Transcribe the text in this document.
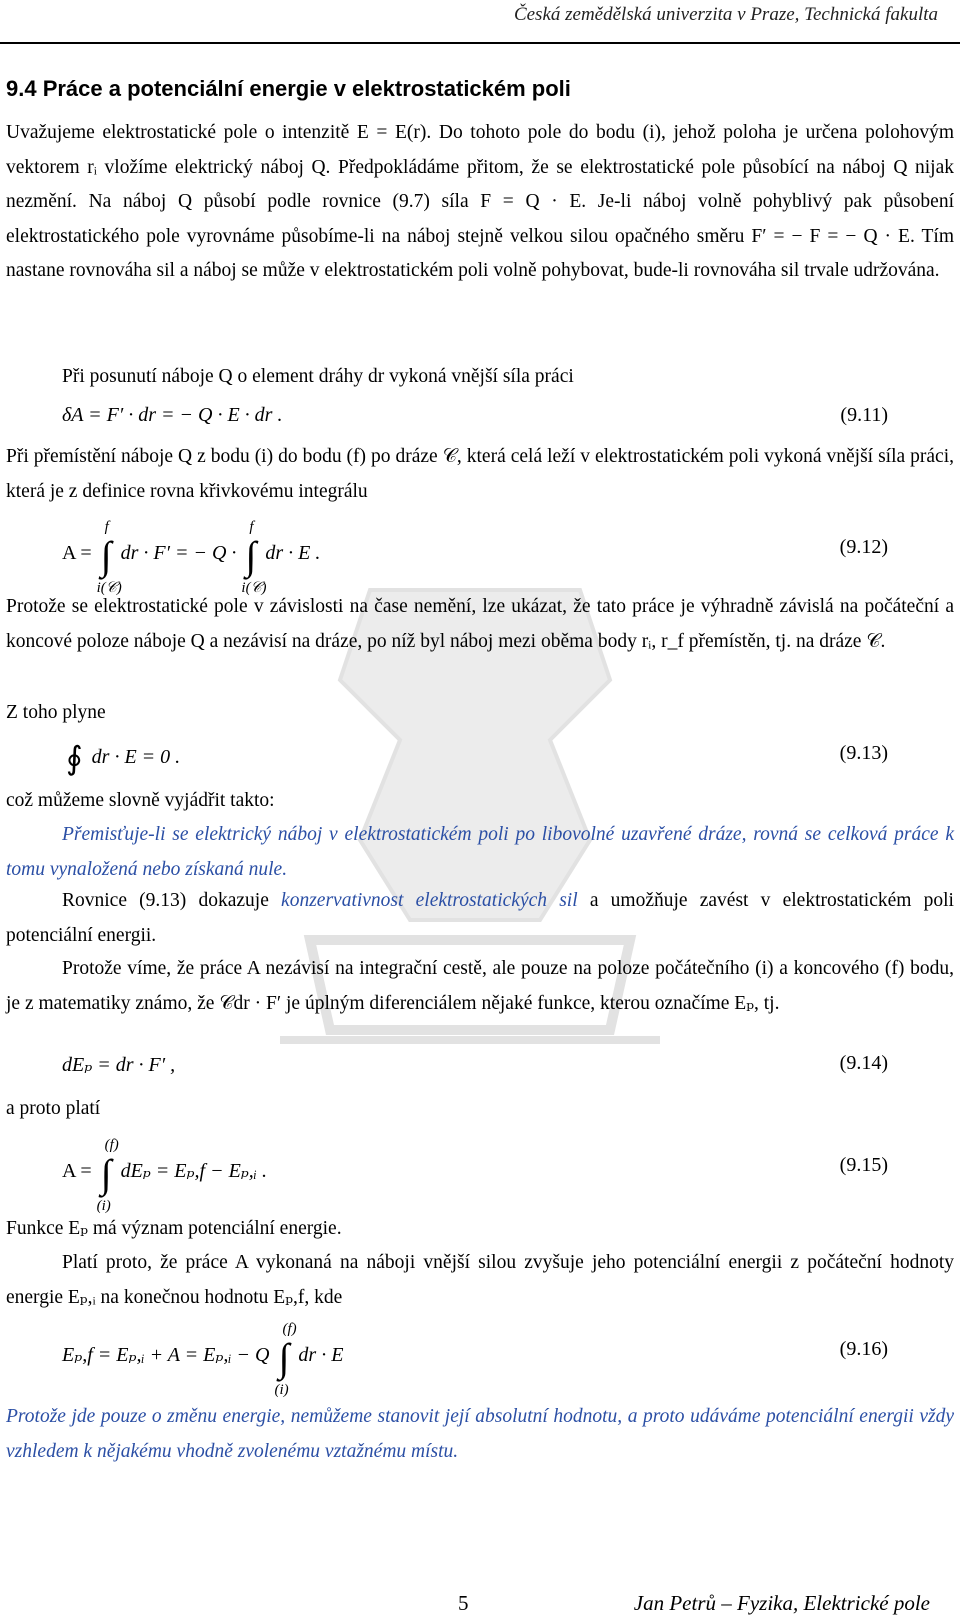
Česká zemědělská univerzita v Praze, Technická fakulta
9.4 Práce a potenciální energie v elektrostatickém poli
Uvažujeme elektrostatické pole o intenzitě E = E(r). Do tohoto pole do bodu (i), jehož poloha je určena polohovým vektorem rᵢ vložíme elektrický náboj Q. Předpokládáme přitom, že se elektrostatické pole působící na náboj Q nijak nezmění. Na náboj Q působí podle rovnice (9.7) síla F = Q · E. Je-li náboj volně pohyblivý pak působení elektrostatického pole vyrovnáme působíme-li na náboj stejně velkou silou opačného směru F′ = − F = − Q · E. Tím nastane rovnováha sil a náboj se může v elektrostatickém poli volně pohybovat, bude-li rovnováha sil trvale udržována.
Při posunutí náboje Q o element dráhy dr vykoná vnější síla práci
δA = F′ · dr = − Q · E · dr .	(9.11)
Při přemístění náboje Q z bodu (i) do bodu (f) po dráze 𝒞, která celá leží v elektrostatickém poli vykoná vnější síla práci, která je z definice rovna křivkovému integrálu
A = ∫
f
i(𝒞)
dr · F′ = − Q · ∫
f
i(𝒞)
dr · E .	(9.12)
Protože se elektrostatické pole v závislosti na čase nemění, lze ukázat, že tato práce je výhradně závislá na počáteční a koncové poloze náboje Q a nezávisí na dráze, po níž byl náboj mezi oběma body rᵢ, r_f přemístěn, tj. na dráze 𝒞.
Z toho plyne
∮ dr · E = 0 .	(9.13)
což můžeme slovně vyjádřit takto:
Přemisťuje-li se elektrický náboj v elektrostatickém poli po libovolné uzavřené dráze, rovná se celková práce k tomu vynaložená nebo získaná nule.
Rovnice (9.13) dokazuje konzervativnost elektrostatických sil a umožňuje zavést v elektrostatickém poli potenciální energii.
Protože víme, že práce A nezávisí na integrační cestě, ale pouze na poloze počátečního (i) a koncového (f) bodu, je z matematiky známo, že 𝒞dr · F′ je úplným diferenciálem nějaké funkce, kterou označíme Eₚ, tj.
dEₚ = dr · F′ ,	(9.14)
a proto platí
A = ∫
(f)
(i)
dEₚ = Eₚ,f − Eₚ,ᵢ .	(9.15)
Funkce Eₚ má význam potenciální energie.
Platí proto, že práce A vykonaná na náboji vnější silou zvyšuje jeho potenciální energii z počáteční hodnoty energie Eₚ,ᵢ na konečnou hodnotu Eₚ,f, kde
Eₚ,f = Eₚ,ᵢ + A = Eₚ,ᵢ − Q ∫
(f)
(i)
dr · E	(9.16)
Protože jde pouze o změnu energie, nemůžeme stanovit její absolutní hodnotu, a proto udáváme potenciální energii vždy vzhledem k nějakému vhodně zvolenému vztažnému místu.
5	Jan Petrů – Fyzika, Elektrické pole
